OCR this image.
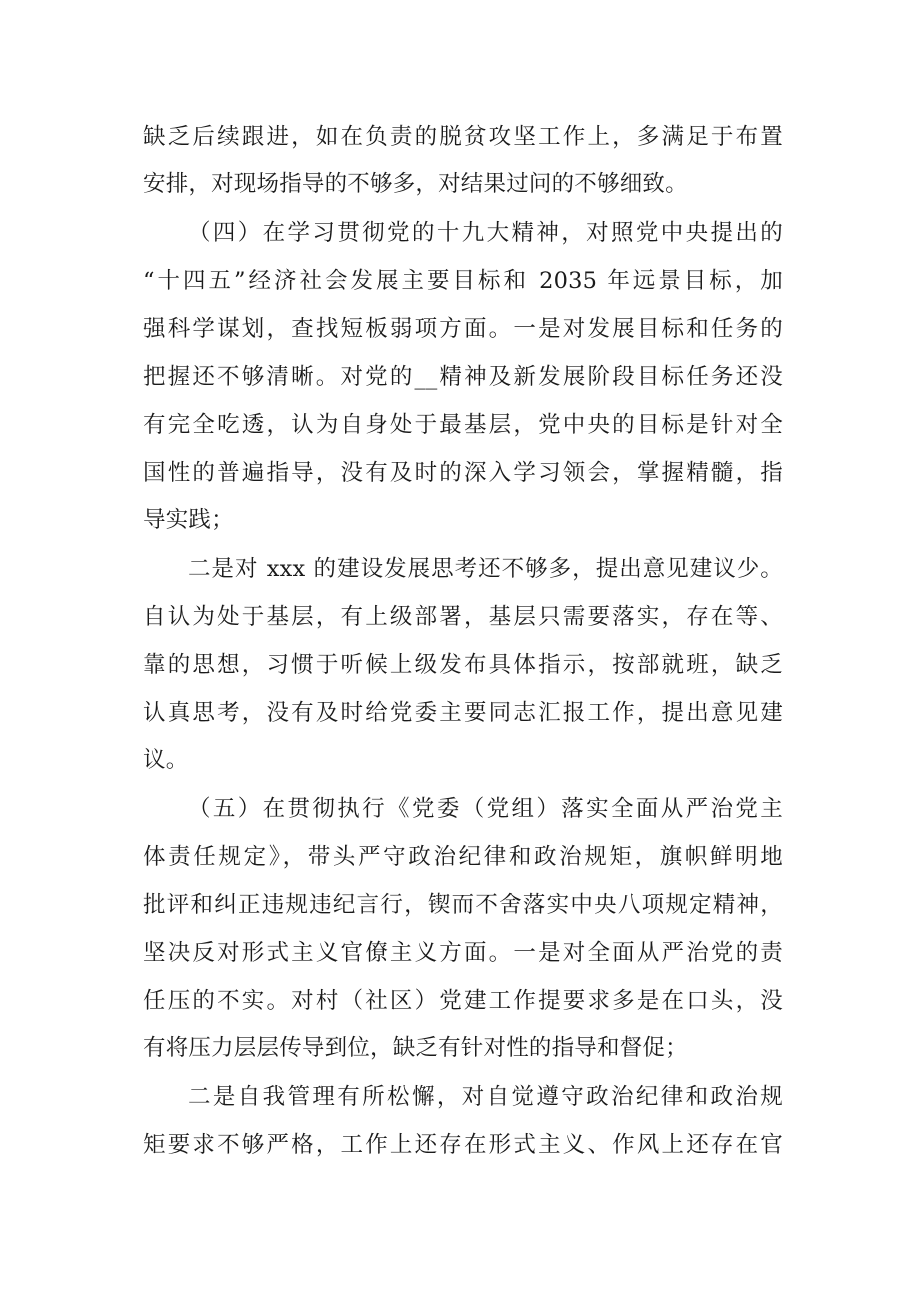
缺乏后续跟进，如在负责的脱贫攻坚工作上，多满足于布置
安排，对现场指导的不够多，对结果过问的不够细致。
（四）在学习贯彻党的十九大精神，对照党中央提出的
“十四五”经济社会发展主要目标和 2035 年远景目标，加
强科学谋划，查找短板弱项方面。一是对发展目标和任务的
把握还不够清晰。对党的__精神及新发展阶段目标任务还没
有完全吃透，认为自身处于最基层，党中央的目标是针对全
国性的普遍指导，没有及时的深入学习领会，掌握精髓，指
导实践；
二是对 xxx 的建设发展思考还不够多，提出意见建议少。
自认为处于基层，有上级部署，基层只需要落实，存在等、
靠的思想，习惯于听候上级发布具体指示，按部就班，缺乏
认真思考，没有及时给党委主要同志汇报工作，提出意见建
议。
（五）在贯彻执行《党委（党组）落实全面从严治党主
体责任规定》，带头严守政治纪律和政治规矩，旗帜鲜明地
批评和纠正违规违纪言行，锲而不舍落实中央八项规定精神，
坚决反对形式主义官僚主义方面。一是对全面从严治党的责
任压的不实。对村（社区）党建工作提要求多是在口头，没
有将压力层层传导到位，缺乏有针对性的指导和督促；
二是自我管理有所松懈，对自觉遵守政治纪律和政治规
矩要求不够严格，工作上还存在形式主义、作风上还存在官
